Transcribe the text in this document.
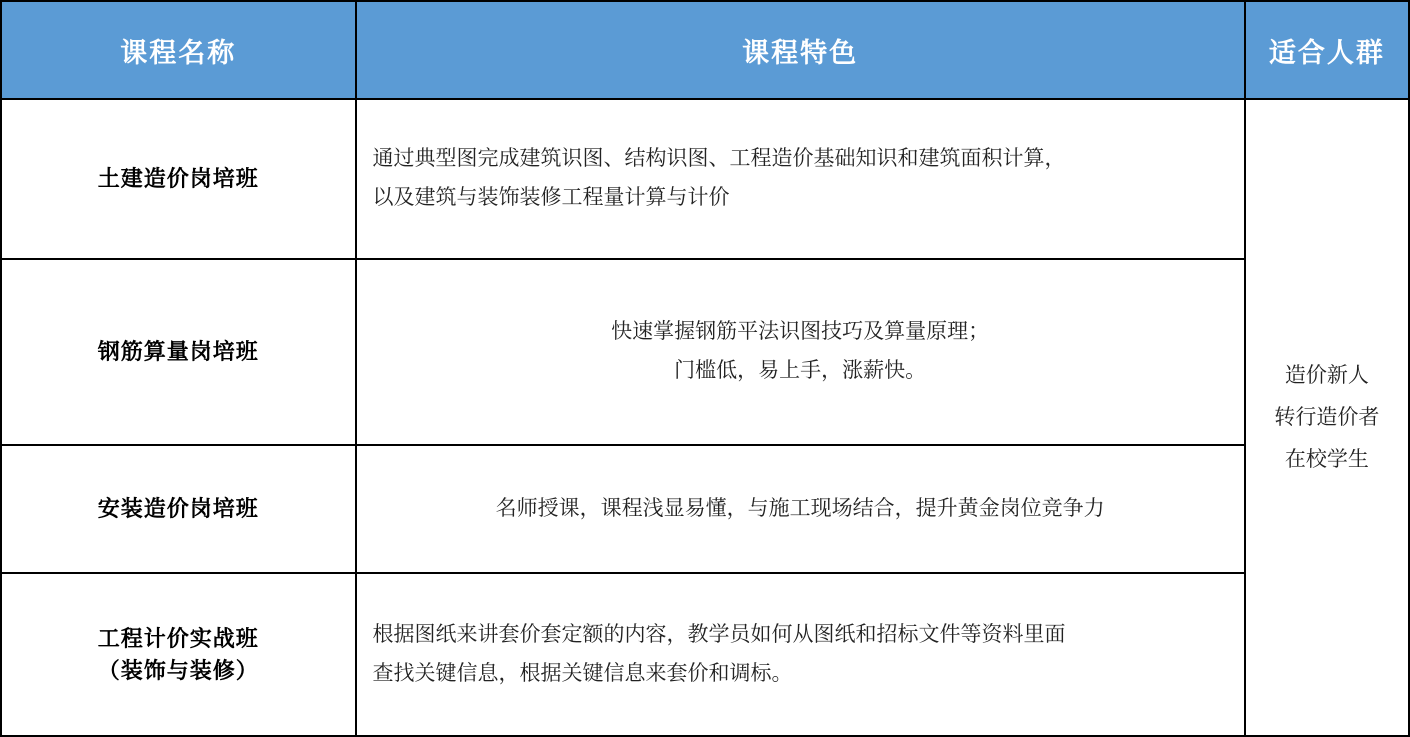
课程名称	课程特色	适合人群

土建造价岗培班	通过典型图完成建筑识图、结构识图、工程造价基础知识和建筑面积计算，
以及建筑与装饰装修工程量计算与计价	造价新人
转行造价者
在校学生

钢筋算量岗培班	快速掌握钢筋平法识图技巧及算量原理；
门槛低，易上手，涨薪快。	

安装造价岗培班	名师授课，课程浅显易懂，与施工现场结合，提升黄金岗位竞争力	

工程计价实战班
（装饰与装修）	根据图纸来讲套价套定额的内容，教学员如何从图纸和招标文件等资料里面
查找关键信息，根据关键信息来套价和调标。	
